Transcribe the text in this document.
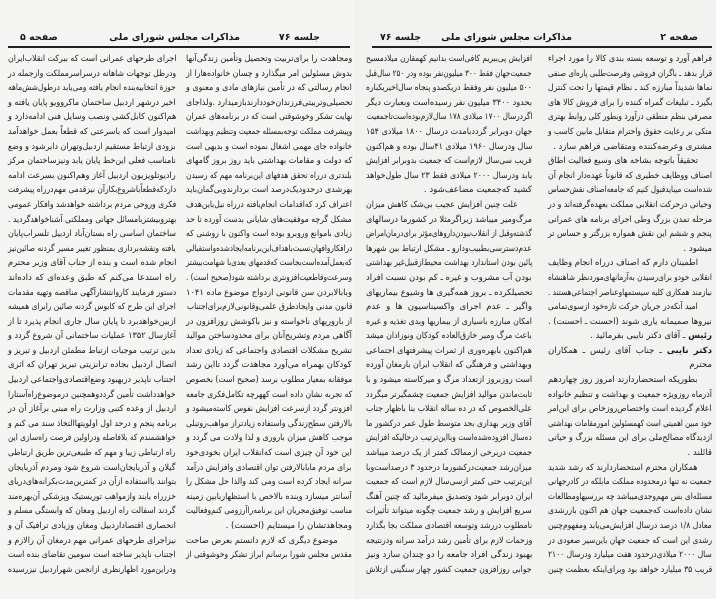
جلسه ۷۶
مذاکرات مجلس شورای ملی
صفحه ۵
ومجاهدت را برای‌تربیت وتحصیل وتأمین زندگی‌آنها
بدوش مسئولین امر میگذارد و چسان خانواده‌هارا از
انجام رسالتی که در تأمین نیازهای مادی و معنوی و
تحصیلی‌وتربیتی‌فرزندان‌خوددارند‌بازمیدارد .ولذاجای
نهایت تشکر وخوشوقتی است که در برنامه‌های عمران
وپیشرفت مملکت توجه‌بمسئله جمعیت وتنظیم وبهداشت
خانواده جای مهمی اشغال نموده است و بدیهی است
که دولت و مقامات بهداشتی باید روز بروز گامهای
بلندتری درراه تحقق هدفهای این‌برنامه مهم که رسیدن
بهرشدی درحدودیک‌درصد است بردارند‌وبی‌گمان‌باید
اعتراف کرد که‌اقدامات انجام‌یافته درراه نیل‌باین‌هدف
مشکل گرچه موفقیت‌های شایانی بدست آورده تا حد
زیادی باموانع وروبرو بوده است واکنون با روشنی که
درافکاروافهان‌نسبت‌باهداف‌این‌برنامه‌ایجادشده‌واستقبالی
که‌بعمل‌آمده‌است‌بجاست که‌قدمهای بعدی‌با شهامت‌بیشتر
وسرعت‌وقاطعیت‌افزونتری برداشته شود(صحیح است) .
وبابالابردن سن قانونی ازدواج موضوع ماده ۱۰۴۱
قانون مدنی وایجادطرق علمی‌وقانونی‌لازم‌برای‌اجتناب
از بارورپهای ناخواسته و نیز باکوشش روزافزون در
آگاهی مردم وتشریح‌آنان برای محدودساختن موالید
تشریح مشکلات اقتصادی واجتماعی که زیادی تعداد
کودکان بهمراه می‌آورد مجاهدت گردد تااین رشد
موفقانه بمعیار مطلوب برسد (صحیح است) بخصوص
که تجربه نشان داده است کههرچه تکامل‌فکری جامعه
افزونتر گردد ازسرعت افزایش نفوس کاسته‌میشود و
بالارفتن سطح‌زندگی واستفاده زیادتراز مواهب‌روتبلی
موجب کاهش میزان باروری و لذا ولادت می گردد و
این خود آن چیزی است که‌انقلاب ایران بخودی‌خود
برای مردم مابابالارفتن توان اقتصادی وافزایش درآمد
سرانه ایجاد کرده است ومی کند والذا حل مشکل را
آسانتر میسازد وبنده بالاخص با استظهاربابین زمینه
مناسب توفیق‌مجریان این برنامه‌راآرزومی کنم‌وفعالیت
ومجاهدتشان را میستایم (احسنت) .
موضوع دیگری که لازم دانستم بعرض صاحت
مقدس مجلس شورا برسانم ابراز تشکر وخوشوقتی از
اجرای طرحهای عمرانی است که ببرکت انقلاب‌ایران
ودرظل توجهات شاهانه درسراسرمملکت وازجمله در
حوزة انتخابیه‌بنده انجام یافته ومی‌یابد درطول‌شش‌ماهه
اخیر درشهر اردبیل ساختمان ماکروویو پایان یافته و
هم‌اکنون کابل‌کشی ونصب وسایل فنی ادامه‌دارد و
امیدوار است که باسرعتی که قطعاً بعمل خواهدآمد
بزودی ارتباط مستقیم اردبیل‌وتهران دایرشود و وضع
نامناسب فعلی این‌خط پایان یابد ونیزساختمان مرکز
رادیوتلویزیون اردبیل آغاز وهم‌اکنون بسرعت ادامه
داردکه‌قطعاً‌باشروع‌بکارآن نیزقدمی مهم‌درراه پیشرفت
فکری وروحی مردم برداشته خواهدشد وافکار عمومی
بهتروبیشتر‌بامسائل جهانی ومملکتی آشناخواهدگردید .
ساختمان اساسی راه بستان‌آباد اردبیل تلسراب‌پایان
یافته ونقشه‌برداری بمنظور تغییر مسیر گردنه صائین‌نیز
انجام شده است و بنده از جناب آقای وزیر محترم
راه استدعا می‌کنم که طبق وعده‌ای که داده‌اند
دستور فرمایند کاروانتشارآگهی مناقصه وتهیه مقدمات
اجرای این طرح که کابوس گردنه صائین رابرای همیشه
ازبین‌خواهدبرد تا پایان سال جاری انجام پذیرد تا از
آغازسال ۱۳۵۲ عملیات ساختمانی آن شروع گردد و
بدین ترتیب موجبات ارتباط مطمئن اردبیل و تبریز و
اتصال اردبیل بجاده ترانزیتی تبریز تهران که اثری
اجتناب ناپذیر دربهبود وضع‌اقتصادی‌واجتماعی اردبیل
خواهدداشت تأمین گردد‌وهمچنین درموضوع‌راه‌آستارا
اردبیل از وعده کتبی وزارت راه مبنی برآغاز آن در
برنامه پنجم و درحد اول اولویتهاالتخاذ سند می کنم و
خواهشمندم که بلافاصله ودراولین فرصت راه‌سازی این
راه ارتباطی زیبا و مهم که طبیعی‌ترین طریق ارتباطی
گیلان و آذربایجان‌است شروع شود ومردم آذربایجان
بتوانند بااستفاده ازآن در کمترین‌مدت‌بکرانه‌های‌دریای
خزرراه یابند وازمواهب توریستیک وپزشکی آن‌بهره‌مند
گردند اسفالت راه اردبیل ومغان که وابستگی مسلم و
انحصاری اقتصاداردبیل ومغان وزیادی ترافیک آن و
نیزاجرای طرحهای عمرانی مهم درمغان آن رالازم و
اجتناب ناپذیر ساخته است سومین تقاضای بنده است
ودراین‌مورد اظهارنظری ازانجمن شهراردبیل نیزرسیده
صفحه ۲
مذاکرات مجلس شورای ملی
جلسه ۷۶
فراهم آورد و توسعه بسته بندی کالا را مورد اجراء
قرار بدهد ـ باگران فروشی وفرصت‌طلبی پاره‌ای صنفی
نماها شدیداً مبارزه کند ـ نظام قیمتها را تحت کنترل
بگیرد ـ تبلیغات گمراه کننده را برای فروش کالا های
مصرفی بنظم منطقی درآورد وبطور کلی روابط بهتری
متکی بر رعایت حقوق واحترام متقابل مابین کاسب و
مشتری وعرضه‌کننده ومتقاضی فراهم سازد .
تحقیقاً باتوجه بشاخه های وسیع فعالیت اطاق
اصناف ووظایف خطیری که قانوناً عهده‌دار انجام آن
شده‌است میبایدقبول کنیم که جامعه‌اصناف نقش‌حساس
وحیاتی درحرکت انقلابی مملکت بعهده‌گرفته‌اند و در
مرحله تمدن بزرگ وطی اجرای برنامه های عمرانی
پنجم و ششم این نقش همواره بزرگتر و حساس تر
میشود .
اطمینان دارم که اصناف درراه انجام وظایف
انقلابی خودو برای‌رسیدن به‌آرمانهای‌موردنظر شاهنشاه
نیازمند همکاری کلیه سیستمها‌وعناصر اجتماعی‌هستند .
امید آنکه‌در جریان حرکت تازه‌خود ازسوی‌تمامی
نیروها صمیمانه یاری شوند (احسنت ـ احسنت) .
رئیس ـ آقای دکتر نایبی بفرمائید .
دکتر نایبی ـ جناب آقای رئیس ـ همکاران
محترم
بطوریکه استحضاردارند امروز روز چهاردهم
آذرماه روزویژه جمعیت و بهداشت و تنظیم خانواده
اعلام گردیده است واختصاص‌روزخاص برای این‌امر
خود مبین اهمیتی است کهمسئولین امورمقامات بهداشتی
ازدیدگاه مصالح‌ملی برای این مسئله بزرگ و حیاتی
قائلند .
همکاران محترم استحضاردارند که رشد شدید
جمعیت نه تنها درمحدوده مملکت مابلکه در کادرجهانی
مسئله‌ای بس مهم‌وجدی‌میباشد چه بررسیهاومطالعات
نشان داده‌است که‌جمعیت جهان هم اکنون باررشدی
معادل ۱/۸ درصد درسال افزایش‌می‌یابد ومفهوم‌چنین
رشدی این است که جمعیت جهان باین‌سیر صعودی در
سال ۲۰۰۰ میلادی‌درحدود هفت میلیارد ودرسال ۲۱۰۰
قریب ۳۵ میلیارد خواهد بود وبرای‌اینکه بعظمت چنین
افزایش پی‌ببریم کافی‌است بدانیم کهمقارن میلادمسیح
جمعیت‌جهان فقط ۳۰۰ میلیون‌نفر بوده ودر ۲۵۰ سال‌قبل
۵۰۰ میلیون نفر وفقط دریکصدو پنجاه سال‌اخیر‌یکباره
بحدود ۳۴۰۰ میلیون نفر رسیده‌است وبعبارت دیگر
اگردرسال ۱۷۰۰ میلادی ۱۷۸ سال‌لازم‌بوده‌است‌تاجمعیت
جهان دوبرابر گرددبامدت درسال ۱۸۰۰ میلادی ۱۵۴
سال ودرسال ۱۹۶۰ میلادی ۴۱سال بوده و هم‌اکنون
قریب سی‌سال لازم‌است که جمعیت بدوبرابر افزایش
یابد ودرسال ۲۰۰۰ میلادی فقط ۲۳ سال طول‌خواهد
کشید که‌جمعیت مضاعف‌شود .
علت چنین افزایش عجیب بی‌شک کاهش میزان
مرگ‌ومیر میباشد زیراگرمثلا در کشورما درسالهای
گذشته‌وقبل از انقلاب‌نبودن‌داروهای‌مؤثر برای‌درمان‌امراض
عدم‌دسترسی‌بطبیب‌ودارو ـ مشکل ارتباط بین شهرها
پائین بودن استاندارد بهداشت محیط‌ازقبیل‌غیر بهداشتی
بودن آب مشروب و غیره ـ کم بودن نسبت افراد
تحصیلکرده ـ بروز همه‌گیری ها وشیوع بیماریهای
واگیر ـ عدم اجرای واکسیناسیون ها و عدم
امکان مبارزه باسیاری از بیماریها وبدی تغذیه و غیره
باعث مرگ ومیر خارق‌العاده کودکان ونوزادان میشد
هم‌اکنون بابهره‌وری از ثمرات پیشرفتهای اجتماعی
وبهداشتی و فرهنگی که انقلاب ایران بارمغان آورده
است روزبروز ازتعداد مرگ و میرکاسته میشود و با
ثابت‌ماندن موالید افزایش جمعیت چشمگیرتر میگردد
علی‌الخصوص که در ده ساله انقلاب بنا باظهار جناب
آقای وزیر بهداری بحد متوسط طول عمر درکشور ما
ده‌سال افزوده‌شده‌است وبااین‌ترتیب درحالیکه افزایش
جمعیت دربرخی ازممالک کمتر از یک درصد میباشد
میزان‌رشد جمعیت‌درکشورما درحدود ۳ درصداست‌وبا
این‌ترتیب حتی کمتر ازسی‌سال لازم است که جمعیت
ایران دوبرابر شود وتصدیق میفرمائید که چنین آهنگ
سریع افزایش و رشد جمعیت چگونه میتواند تأثیرات
نامطلوب دررشد وتوسعه اقتصادی مملکت بجا بگذارد
وزحمات لازم برای تأمین رشد درآمد سرانه ودرنتیجه
بهبود زندگی افراد جامعه را دو چندان سازد ونیز
جوابی روزافزون جمعیت کشور چهار سنگینی ازتلاش
